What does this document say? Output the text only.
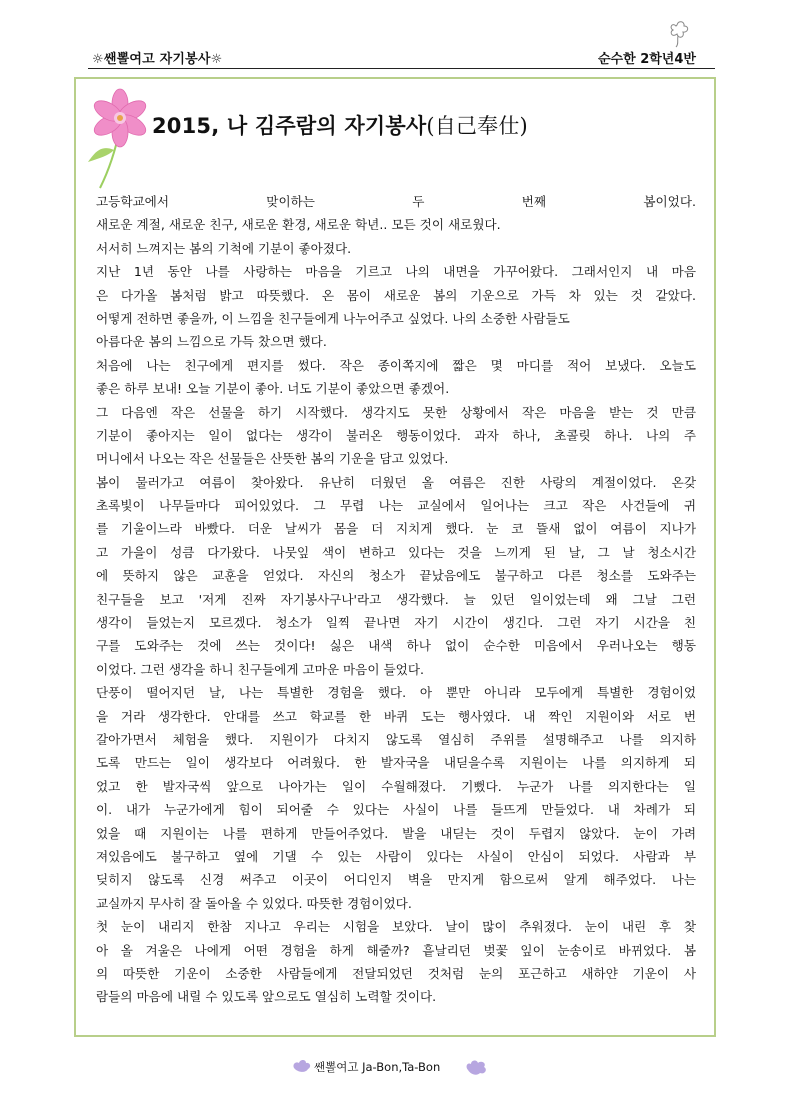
☼쌘뽈여고 자기봉사☼	순수한 2학년4반
2015, 나 김주람의 자기봉사(自己奉仕)
고등학교에서 맞이하는 두 번째 봄이었다.
새로운 계절, 새로운 친구, 새로운 환경, 새로운 학년.. 모든 것이 새로웠다.
서서히 느껴지는 봄의 기척에 기분이 좋아졌다.
지난 1년 동안 나를 사랑하는 마음을 기르고 나의 내면을 가꾸어왔다. 그래서인지 내 마음
은 다가올 봄처럼 밝고 따뜻했다. 온 몸이 새로운 봄의 기운으로 가득 차 있는 것 같았다.
어떻게 전하면 좋을까, 이 느낌을 친구들에게 나누어주고 싶었다. 나의 소중한 사람들도
아름다운 봄의 느낌으로 가득 찼으면 했다.
처음에 나는 친구에게 편지를 썼다. 작은 종이쪽지에 짧은 몇 마디를 적어 보냈다. 오늘도
좋은 하루 보내! 오늘 기분이 좋아. 너도 기분이 좋았으면 좋겠어.
그 다음엔 작은 선물을 하기 시작했다. 생각지도 못한 상황에서 작은 마음을 받는 것 만큼
기분이 좋아지는 일이 없다는 생각이 불러온 행동이었다. 과자 하나, 초콜릿 하나. 나의 주
머니에서 나오는 작은 선물들은 산뜻한 봄의 기운을 담고 있었다.
봄이 물러가고 여름이 찾아왔다. 유난히 더웠던 올 여름은 진한 사랑의 계절이었다. 온갖
초록빛이 나무들마다 피어있었다. 그 무렵 나는 교실에서 일어나는 크고 작은 사건들에 귀
를 기울이느라 바빴다. 더운 날씨가 몸을 더 지치게 했다. 눈 코 뜰새 없이 여름이 지나가
고 가을이 성큼 다가왔다. 나뭇잎 색이 변하고 있다는 것을 느끼게 된 날, 그 날 청소시간
에 뜻하지 않은 교훈을 얻었다. 자신의 청소가 끝났음에도 불구하고 다른 청소를 도와주는
친구들을 보고 '저게 진짜 자기봉사구나'라고 생각했다. 늘 있던 일이었는데 왜 그날 그런
생각이 들었는지 모르겠다. 청소가 일찍 끝나면 자기 시간이 생긴다. 그런 자기 시간을 친
구를 도와주는 것에 쓰는 것이다! 싫은 내색 하나 없이 순수한 미음에서 우러나오는 행동
이었다. 그런 생각을 하니 친구들에게 고마운 마음이 들었다.
단풍이 떨어지던 날, 나는 특별한 경험을 했다. 아 뿐만 아니라 모두에게 특별한 경험이었
을 거라 생각한다. 안대를 쓰고 학교를 한 바퀴 도는 행사였다. 내 짝인 지원이와 서로 번
갈아가면서 체험을 했다. 지원이가 다치지 않도록 열심히 주위를 설명해주고 나를 의지하
도록 만드는 일이 생각보다 어려웠다. 한 발자국을 내딛을수록 지원이는 나를 의지하게 되
었고 한 발자국씩 앞으로 나아가는 일이 수월해졌다. 기뻤다. 누군가 나를 의지한다는 일
이. 내가 누군가에게 힘이 되어줄 수 있다는 사실이 나를 들뜨게 만들었다. 내 차례가 되
었을 때 지원이는 나를 편하게 만들어주었다. 발을 내딛는 것이 두렵지 않았다. 눈이 가려
져있음에도 불구하고 옆에 기댈 수 있는 사람이 있다는 사실이 안심이 되었다. 사람과 부
딪히지 않도록 신경 써주고 이곳이 어디인지 벽을 만지게 함으로써 알게 해주었다. 나는
교실까지 무사히 잘 돌아올 수 있었다. 따뜻한 경험이었다.
첫 눈이 내리지 한참 지나고 우리는 시험을 보았다. 날이 많이 추워졌다. 눈이 내린 후 찾
아 올 겨울은 나에게 어떤 경험을 하게 해줄까? 흩날리던 벚꽃 잎이 눈송이로 바뀌었다. 봄
의 따뜻한 기운이 소중한 사람들에게 전달되었던 것처럼 눈의 포근하고 새하얀 기운이 사
람들의 마음에 내릴 수 있도록 앞으로도 열심히 노력할 것이다.
쌘뽈여고 Ja-Bon,Ta-Bon
